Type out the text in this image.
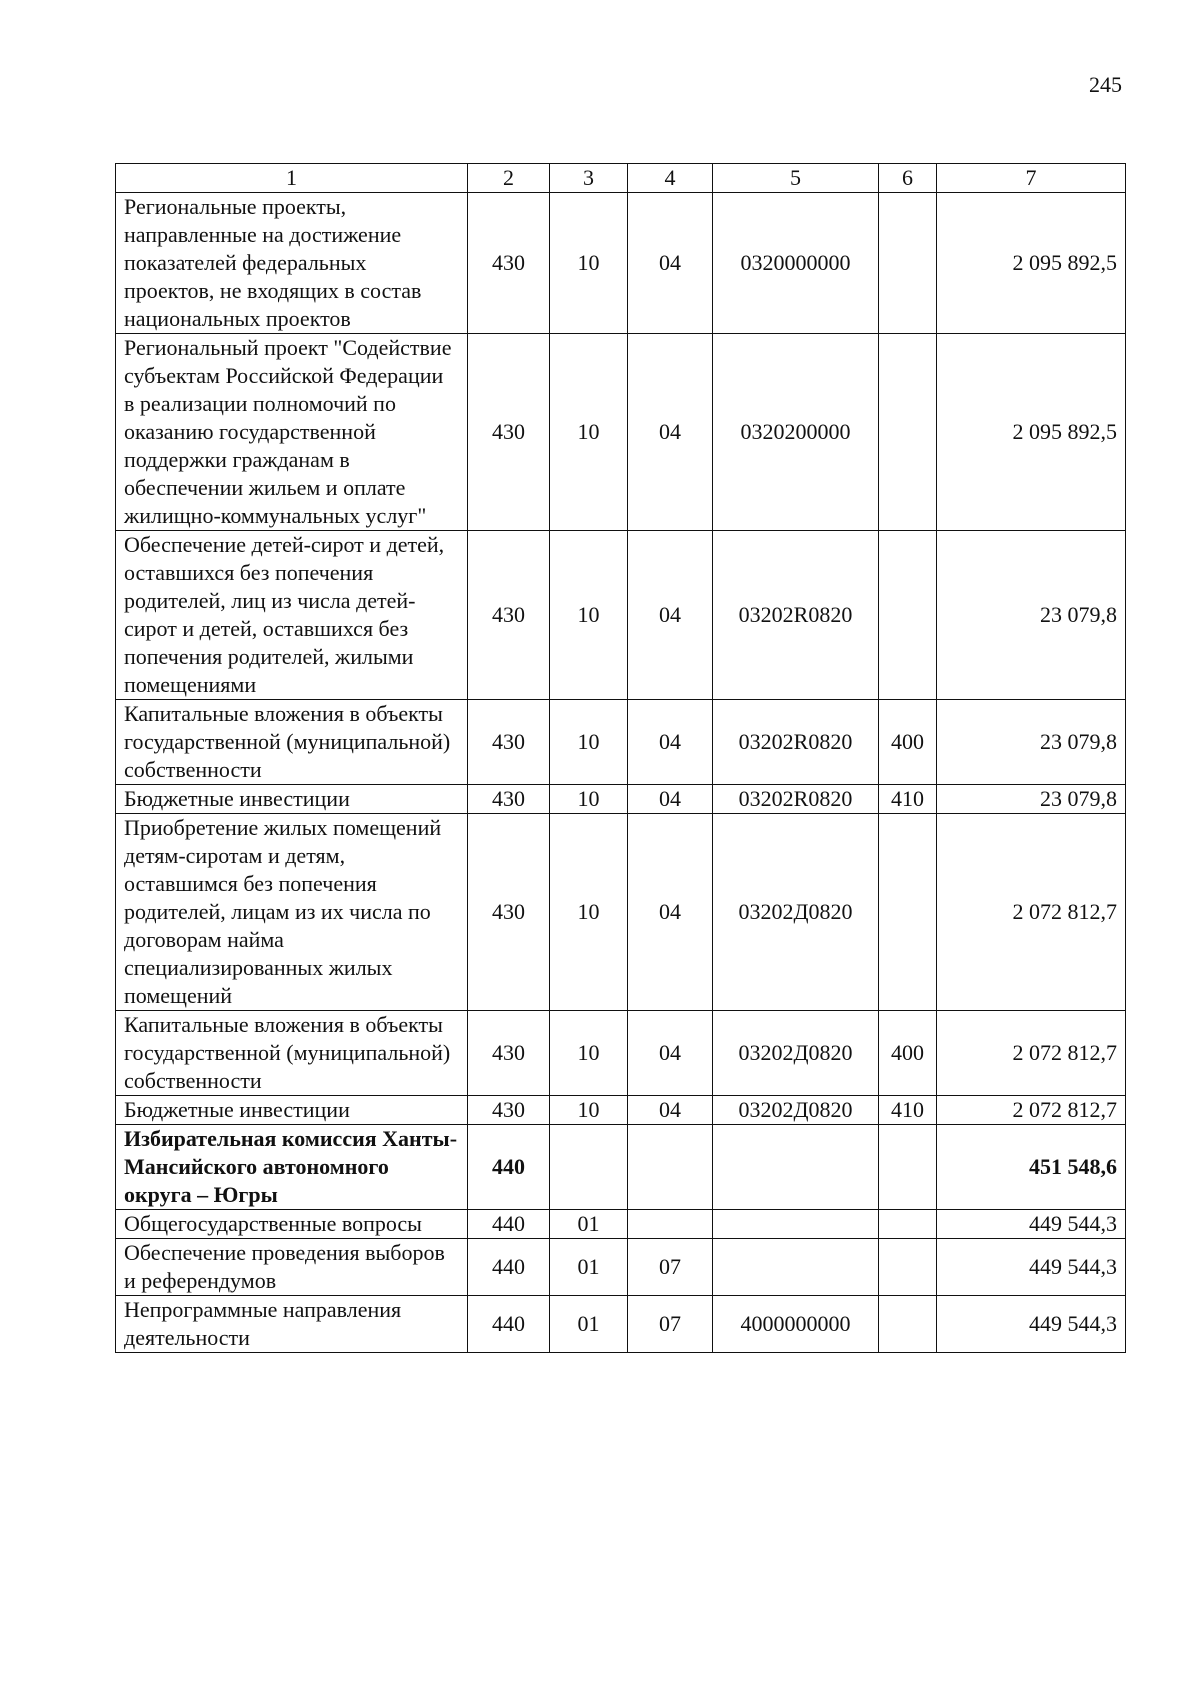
245
1	2	3	4	5	6	7
Региональные проекты, направленные на достижение показателей федеральных проектов, не входящих в состав национальных проектов	430	10	04	0320000000		2 095 892,5
Региональный проект "Содействие субъектам Российской Федерации в реализации полномочий по оказанию государственной поддержки гражданам в обеспечении жильем и оплате жилищно-коммунальных услуг"	430	10	04	0320200000		2 095 892,5
Обеспечение детей-сирот и детей, оставшихся без попечения родителей, лиц из числа детей-сирот и детей, оставшихся без попечения родителей, жилыми помещениями	430	10	04	03202R0820		23 079,8
Капитальные вложения в объекты государственной (муниципальной) собственности	430	10	04	03202R0820	400	23 079,8
Бюджетные инвестиции	430	10	04	03202R0820	410	23 079,8
Приобретение жилых помещений детям-сиротам и детям, оставшимся без попечения родителей, лицам из их числа по договорам найма специализированных жилых помещений	430	10	04	03202Д0820		2 072 812,7
Капитальные вложения в объекты государственной (муниципальной) собственности	430	10	04	03202Д0820	400	2 072 812,7
Бюджетные инвестиции	430	10	04	03202Д0820	410	2 072 812,7
Избирательная комиссия Ханты-Мансийского автономного округа – Югры	440					451 548,6
Общегосударственные вопросы	440	01				449 544,3
Обеспечение проведения выборов и референдумов	440	01	07			449 544,3
Непрограммные направления деятельности	440	01	07	4000000000		449 544,3
